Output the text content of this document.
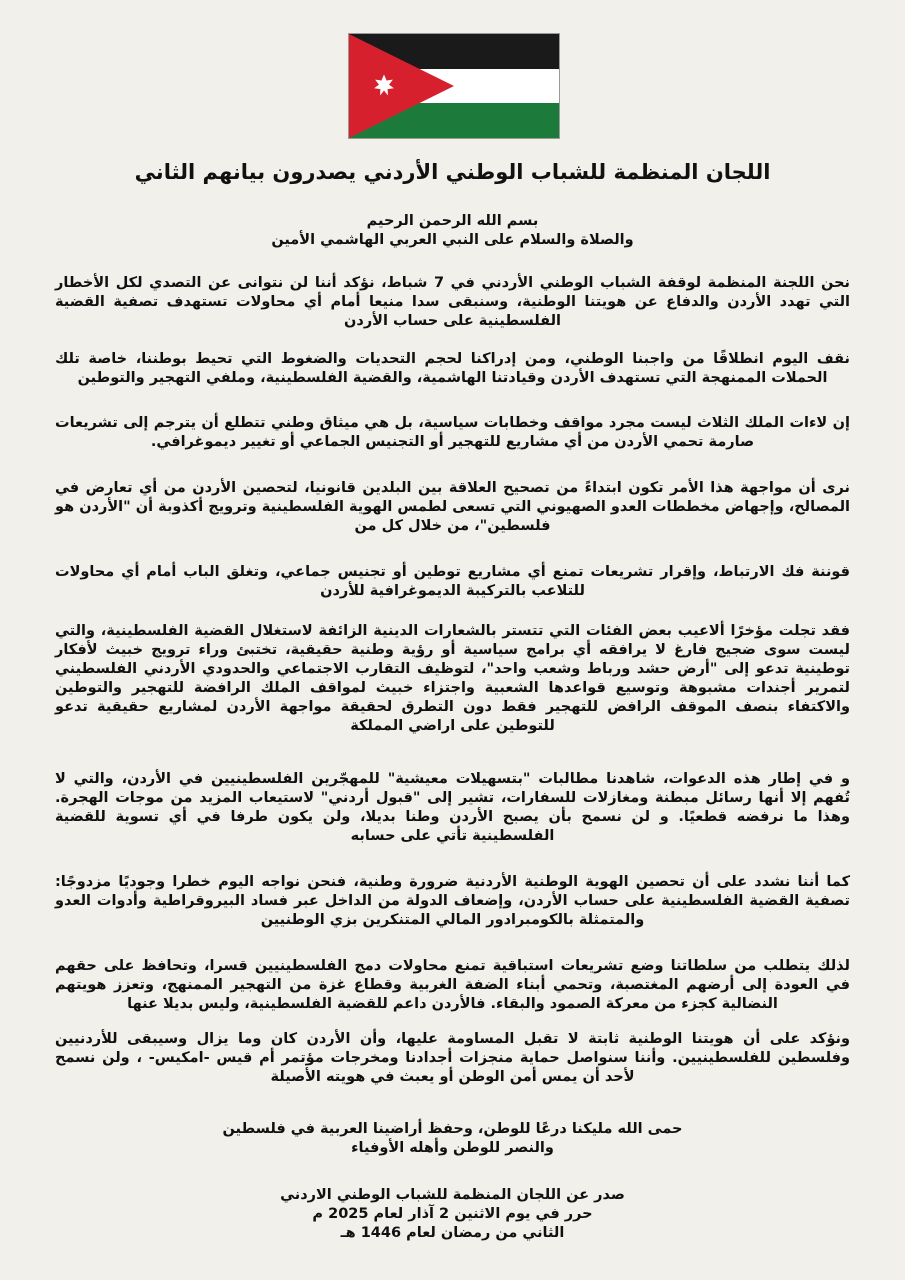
اللجان المنظمة للشباب الوطني الأردني يصدرون بيانهم الثاني
بسم الله الرحمن الرحيم
والصلاة والسلام على النبي العربي الهاشمي الأمين
نحن اللجنة المنظمة لوقفة الشباب الوطني الأردني في 7 شباط، نؤكد أننا لن نتوانى عن التصدي لكل الأخطار التي تهدد الأردن والدفاع عن هويتنا الوطنية، وسنبقى سدا منيعا أمام أي محاولات تستهدف تصفية القضية الفلسطينية على حساب الأردن
نقف اليوم انطلاقًا من واجبنا الوطني، ومن إدراكنا لحجم التحديات والضغوط التي تحيط بوطننا، خاصة تلك الحملات الممنهجة التي تستهدف الأردن وقيادتنا الهاشمية، والقضية الفلسطينية، وملفي التهجير والتوطين
إن لاءات الملك الثلاث ليست مجرد مواقف وخطابات سياسية، بل هي ميثاق وطني تتطلع أن يترجم إلى تشريعات صارمة تحمي الأردن من أي مشاريع للتهجير أو التجنيس الجماعي أو تغيير ديموغرافي.
نرى أن مواجهة هذا الأمر تكون ابتداءً من تصحيح العلاقة بين البلدين قانونيا، لتحصين الأردن من أي تعارض في المصالح، وإجهاض مخططات العدو الصهيوني التي تسعى لطمس الهوية الفلسطينية وترويج أكذوبة أن "الأردن هو فلسطين"، من خلال كل من
قوننة فك الارتباط، وإقرار تشريعات تمنع أي مشاريع توطين أو تجنيس جماعي، وتغلق الباب أمام أي محاولات للتلاعب بالتركيبة الديموغرافية للأردن
فقد تجلت مؤخرًا ألاعيب بعض الفئات التي تتستر بالشعارات الدينية الزائفة لاستغلال القضية الفلسطينية، والتي ليست سوى ضجيج فارغ لا يرافقه أي برامج سياسية أو رؤية وطنية حقيقية، تختبئ وراء ترويج خبيث لأفكار توطينية تدعو إلى "أرض حشد ورباط وشعب واحد"، لتوظيف التقارب الاجتماعي والحدودي الأردني الفلسطيني لتمرير أجندات مشبوهة وتوسيع قواعدها الشعبية واجتزاء خبيث لمواقف الملك الرافضة للتهجير والتوطين والاكتفاء بنصف الموقف الرافض للتهجير فقط دون التطرق لحقيقة مواجهة الأردن لمشاريع حقيقية تدعو للتوطين على اراضي المملكة
و في إطار هذه الدعوات، شاهدنا مطالبات "بتسهيلات معيشية" للمهجّرين الفلسطينيين في الأردن، والتي لا تُفهم إلا أنها رسائل مبطنة ومغازلات للسفارات، تشير إلى "قبول أردني" لاستيعاب المزيد من موجات الهجرة. وهذا ما نرفضه قطعيًا. و لن نسمح بأن يصبح الأردن وطنا بديلا، ولن يكون طرفا في أي تسوية للقضية الفلسطينية تأتي على حسابه
كما أننا نشدد على أن تحصين الهوية الوطنية الأردنية ضرورة وطنية، فنحن نواجه اليوم خطرا وجوديًا مزدوجًا: تصفية القضية الفلسطينية على حساب الأردن، وإضعاف الدولة من الداخل عبر فساد البيروقراطية وأدوات العدو والمتمثلة بالكومبرادور المالي المتنكرين بزي الوطنيين
لذلك يتطلب من سلطاتنا وضع تشريعات استباقية تمنع محاولات دمج الفلسطينيين قسرا، وتحافظ على حقهم في العودة إلى أرضهم المغتصبة، وتحمي أبناء الضفة الغربية وقطاع غزة من التهجير الممنهج، وتعزز هويتهم النضالية كجزء من معركة الصمود والبقاء. فالأردن داعم للقضية الفلسطينية، وليس بديلا عنها
ونؤكد على أن هويتنا الوطنية ثابتة لا تقبل المساومة عليها، وأن الأردن كان وما يزال وسيبقى للأردنيين وفلسطين للفلسطينيين. وأننا سنواصل حماية منجزات أجدادنا ومخرجات مؤتمر أم قيس -امكيس- ، ولن نسمح لأحد أن يمس أمن الوطن أو يعبث في هويته الأصيلة
حمى الله مليكنا درعًا للوطن، وحفظ أراضينا العربية في فلسطين
والنصر للوطن وأهله الأوفياء
صدر عن اللجان المنظمة للشباب الوطني الاردني
حرر في يوم الاثنين 2 آذار لعام 2025 م
الثاني من رمضان لعام 1446 هـ
